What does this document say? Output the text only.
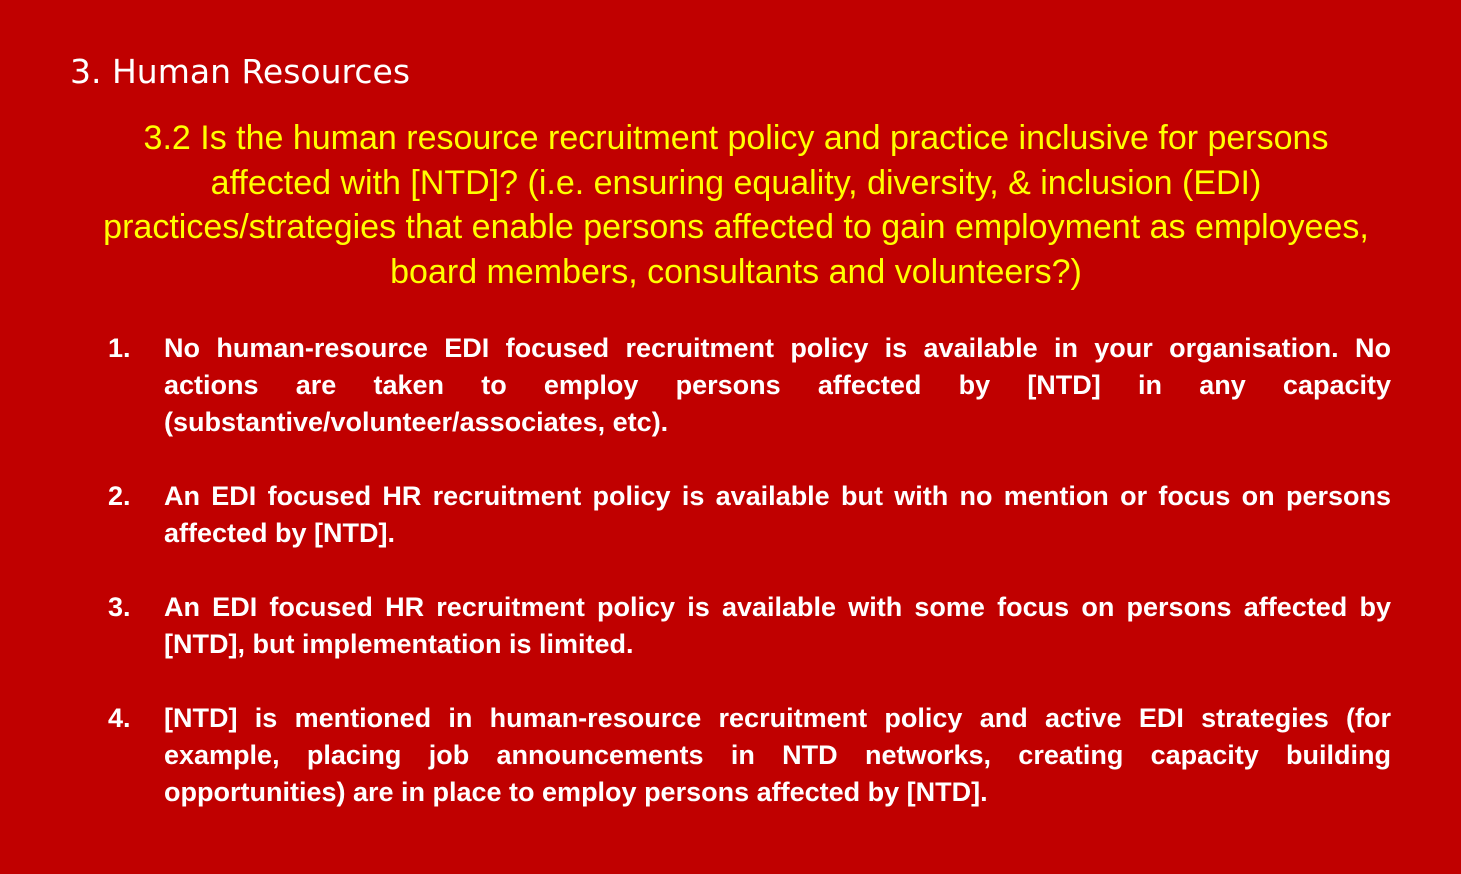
3. Human Resources
3.2 Is the human resource recruitment policy and practice inclusive for persons affected with [NTD]? (i.e. ensuring equality, diversity, & inclusion (EDI) practices/strategies that enable persons affected to gain employment as employees, board members, consultants and volunteers?)
1.	No human-resource EDI focused recruitment policy is available in your organisation. No actions are taken to employ persons affected by [NTD] in any capacity (substantive/volunteer/associates, etc).
2.	An EDI focused HR recruitment policy is available but with no mention or focus on persons affected by [NTD].
3.	An EDI focused HR recruitment policy is available with some focus on persons affected by [NTD], but implementation is limited.
4.	[NTD] is mentioned in human-resource recruitment policy and active EDI strategies (for example, placing job announcements in NTD networks, creating capacity building opportunities) are in place to employ persons affected by [NTD].
